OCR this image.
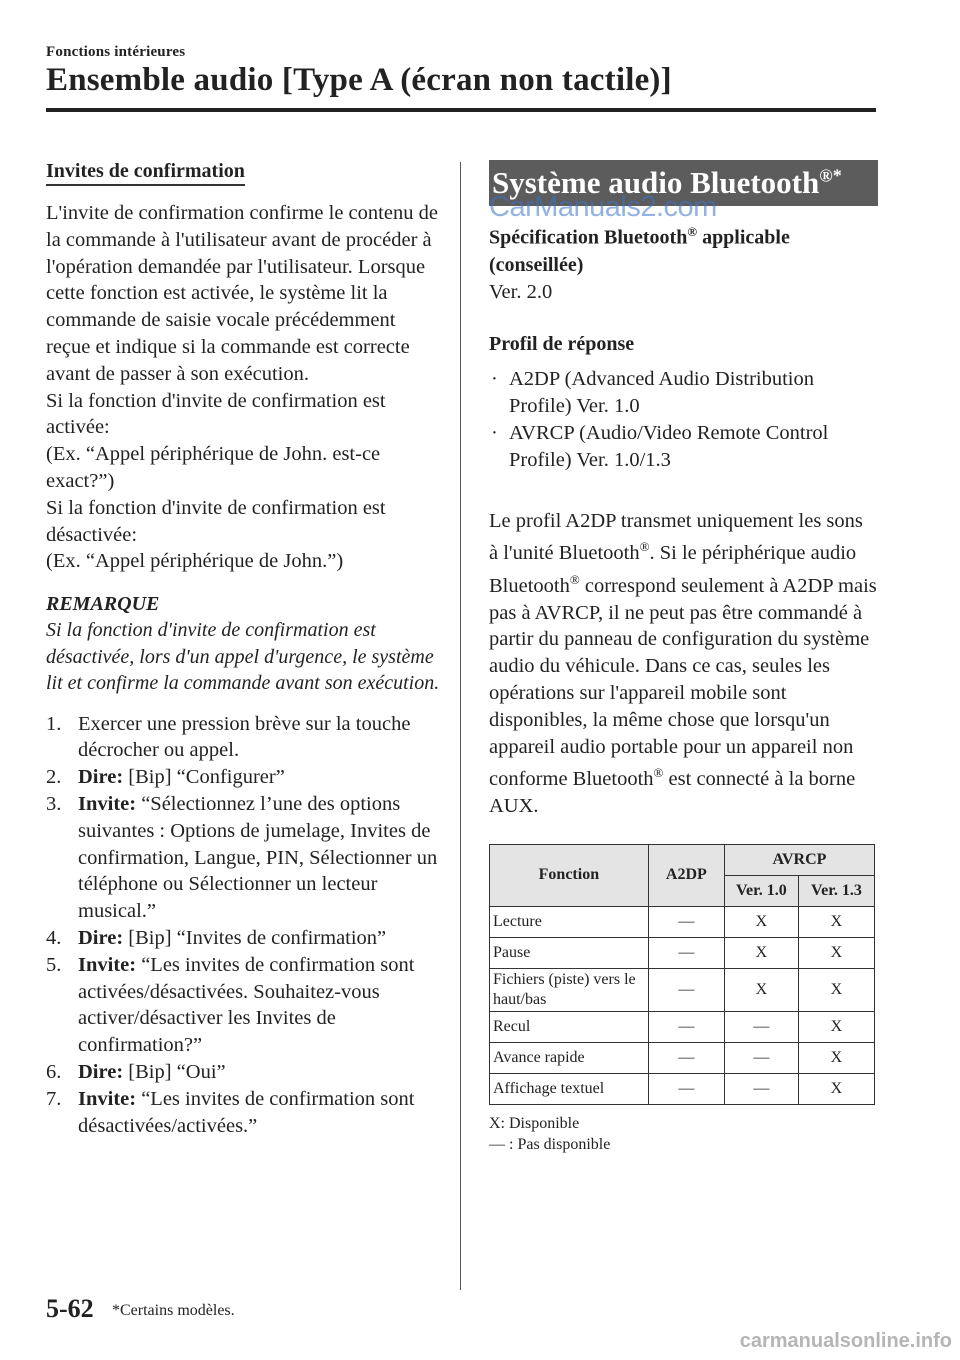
Fonctions intérieures
Ensemble audio [Type A (écran non tactile)]
Invites de confirmation

L'invite de confirmation confirme le contenu de la commande à l'utilisateur avant de procéder à l'opération demandée par l'utilisateur. Lorsque cette fonction est activée, le système lit la commande de saisie vocale précédemment reçue et indique si la commande est correcte avant de passer à son exécution.

Si la fonction d'invite de confirmation est activée:

(Ex. “Appel périphérique de John. est-ce exact?”)

Si la fonction d'invite de confirmation est désactivée:

(Ex. “Appel périphérique de John.”)

REMARQUE

Si la fonction d'invite de confirmation est désactivée, lors d'un appel d'urgence, le système lit et confirme la commande avant son exécution.

1. Exercer une pression brève sur la touche décrocher ou appel.
2. Dire: [Bip] “Configurer”
3. Invite: “Sélectionnez l’une des options suivantes : Options de jumelage, Invites de confirmation, Langue, PIN, Sélectionner un téléphone ou Sélectionner un lecteur musical.”
4. Dire: [Bip] “Invites de confirmation”
5. Invite: “Les invites de confirmation sont activées/désactivées. Souhaitez-vous activer/désactiver les Invites de confirmation?”
6. Dire: [Bip] “Oui”
7. Invite: “Les invites de confirmation sont désactivées/activées.”
Système audio Bluetooth®*
CarManuals2.com

Spécification Bluetooth® applicable (conseillée)

Ver. 2.0

Profil de réponse

· A2DP (Advanced Audio Distribution Profile) Ver. 1.0
· AVRCP (Audio/Video Remote Control Profile) Ver. 1.0/1.3

Le profil A2DP transmet uniquement les sons à l'unité Bluetooth®. Si le périphérique audio Bluetooth® correspond seulement à A2DP mais pas à AVRCP, il ne peut pas être commandé à partir du panneau de configuration du système audio du véhicule. Dans ce cas, seules les opérations sur l'appareil mobile sont disponibles, la même chose que lorsqu'un appareil audio portable pour un appareil non conforme Bluetooth® est connecté à la borne AUX.

Fonction	A2DP	AVRCP	
		Ver. 1.0	Ver. 1.3
Lecture	—	X	X
Pause	—	X	X
Fichiers (piste) vers le haut/bas	—	X	X
Recul	—	—	X
Avance rapide	—	—	X
Affichage textuel	—	—	X
X: Disponible
— : Pas disponible
5-62 *Certains modèles.
carmanualsonline.info
